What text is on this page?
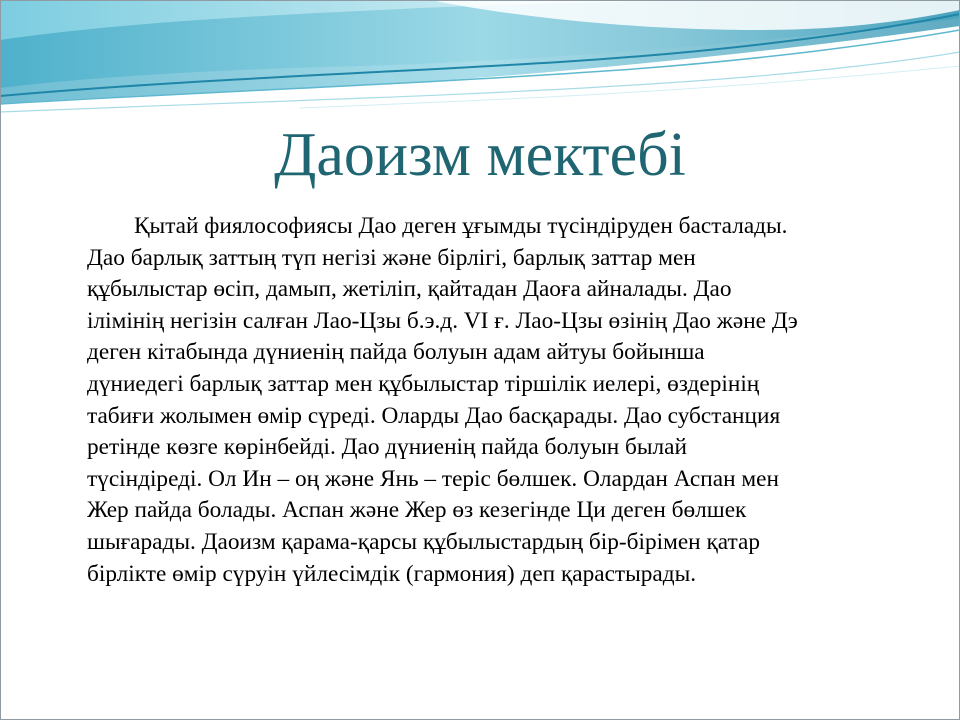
Даоизм мектебі

Қытай фиялософиясы Дао деген ұғымды түсіндіруден басталады.
Дао барлық заттың түп негізі және бірлігі, барлық заттар мен
құбылыстар өсіп, дамып, жетіліп, қайтадан Даоға айналады. Дао
ілімінің негізін салған Лао-Цзы б.э.д. VI ғ. Лао-Цзы өзінің Дао және Дэ
деген кітабында дүниенің пайда болуын адам айтуы бойынша
дүниедегі барлық заттар мен құбылыстар тіршілік иелері, өздерінің
табиғи жолымен өмір сүреді. Оларды Дао басқарады. Дао субстанция
ретінде көзге көрінбейді. Дао дүниенің пайда болуын былай
түсіндіреді. Ол Ин – оң және Янь – теріс бөлшек. Олардан Аспан мен
Жер пайда болады. Аспан және Жер өз кезегінде Ци деген бөлшек
шығарады. Даоизм қарама-қарсы құбылыстардың бір-бірімен қатар
бірлікте өмір сүруін үйлесімдік (гармония) деп қарастырады.
